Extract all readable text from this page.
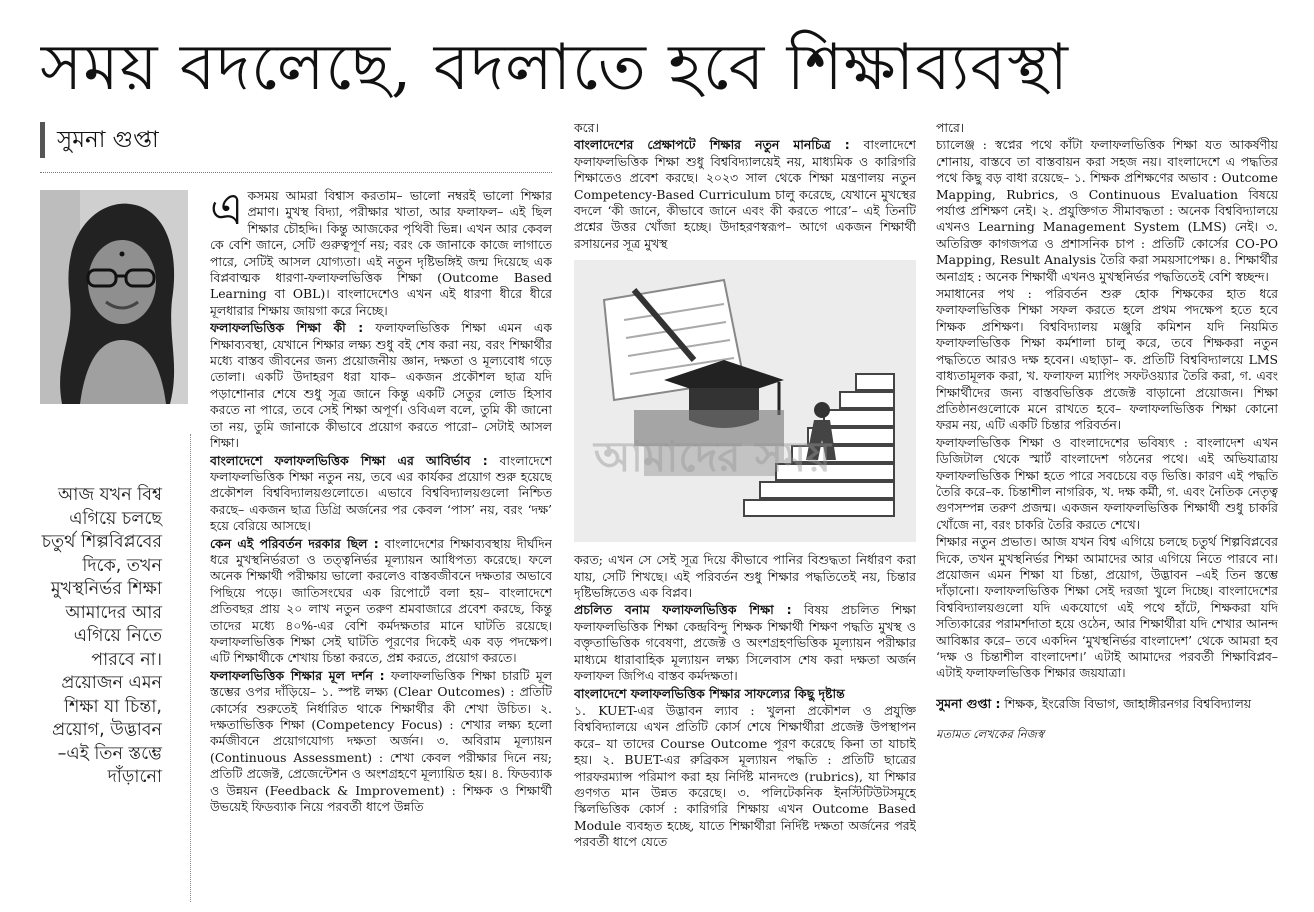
সময় বদলেছে, বদলাতে হবে শিক্ষাব্যবস্থা
সুমনা গুপ্তা
আজ যখন বিশ্ব এগিয়ে চলছে চতুর্থ শিল্পবিপ্লবের দিকে, তখন মুখস্থনির্ভর শিক্ষা আমাদের আর এগিয়ে নিতে পারবে না। প্রয়োজন এমন শিক্ষা যা চিন্তা, প্রয়োগ, উদ্ভাবন –এই তিন স্তম্ভে দাঁড়ানো

একসময় আমরা বিশ্বাস করতাম– ভালো নম্বরই ভালো শিক্ষার প্রমাণ। মুখস্থ বিদ্যা, পরীক্ষার খাতা, আর ফলাফল– এই ছিল শিক্ষার চৌহদ্দি। কিন্তু আজকের পৃথিবী ভিন্ন। এখন আর কেবল কে বেশি জানে, সেটি গুরুত্বপূর্ণ নয়; বরং কে জানাকে কাজে লাগাতে পারে, সেটিই আসল যোগ্যতা। এই নতুন দৃষ্টিভঙ্গিই জন্ম দিয়েছে এক বিপ্লবাত্মক ধারণা-ফলাফলভিত্তিক শিক্ষা (Outcome Based Learning বা OBL)। বাংলাদেশেও এখন এই ধারণা ধীরে ধীরে মূলধারার শিক্ষায় জায়গা করে নিচ্ছে।

ফলাফলভিত্তিক শিক্ষা কী : ফলাফলভিত্তিক শিক্ষা এমন এক শিক্ষাব্যবস্থা, যেখানে শিক্ষার লক্ষ্য শুধু বই শেষ করা নয়, বরং শিক্ষার্থীর মধ্যে বাস্তব জীবনের জন্য প্রয়োজনীয় জ্ঞান, দক্ষতা ও মূল্যবোধ গড়ে তোলা। একটি উদাহরণ ধরা যাক– একজন প্রকৌশল ছাত্র যদি পড়াশোনার শেষে শুধু সূত্র জানে কিন্তু একটি সেতুর লোড হিসাব করতে না পারে, তবে সেই শিক্ষা অপূর্ণ। ওবিএল বলে, তুমি কী জানো তা নয়, তুমি জানাকে কীভাবে প্রয়োগ করতে পারো– সেটাই আসল শিক্ষা।

বাংলাদেশে ফলাফলভিত্তিক শিক্ষা এর আবির্ভাব : বাংলাদেশে ফলাফলভিত্তিক শিক্ষা নতুন নয়, তবে এর কার্যকর প্রয়োগ শুরু হয়েছে প্রকৌশল বিশ্ববিদ্যালয়গুলোতে। এভাবে বিশ্ববিদ্যালয়গুলো নিশ্চিত করছে– একজন ছাত্র ডিগ্রি অর্জনের পর কেবল ‘পাস’ নয়, বরং ‘দক্ষ’ হয়ে বেরিয়ে আসছে।

কেন এই পরিবর্তন দরকার ছিল : বাংলাদেশের শিক্ষাব্যবস্থায় দীর্ঘদিন ধরে মুখস্থনির্ভরতা ও তত্ত্বনির্ভর মূল্যায়ন আধিপত্য করেছে। ফলে অনেক শিক্ষার্থী পরীক্ষায় ভালো করলেও বাস্তবজীবনে দক্ষতার অভাবে পিছিয়ে পড়ে। জাতিসংঘের এক রিপোর্টে বলা হয়– বাংলাদেশে প্রতিবছর প্রায় ২০ লাখ নতুন তরুণ শ্রমবাজারে প্রবেশ করছে, কিন্তু তাদের মধ্যে ৪০%-এর বেশি কর্মদক্ষতার মানে ঘাটতি রয়েছে। ফলাফলভিত্তিক শিক্ষা সেই ঘাটতি পূরণের দিকেই এক বড় পদক্ষেপ। এটি শিক্ষার্থীকে শেখায় চিন্তা করতে, প্রশ্ন করতে, প্রয়োগ করতে।

ফলাফলভিত্তিক শিক্ষার মূল দর্শন : ফলাফলভিত্তিক শিক্ষা চারটি মূল স্তম্ভের ওপর দাঁড়িয়ে– ১. স্পষ্ট লক্ষ্য (Clear Outcomes) : প্রতিটি কোর্সের শুরুতেই নির্ধারিত থাকে শিক্ষার্থীর কী শেখা উচিত। ২. দক্ষতাভিত্তিক শিক্ষা (Competency Focus) : শেখার লক্ষ্য হলো কর্মজীবনে প্রয়োগযোগ্য দক্ষতা অর্জন। ৩. অবিরাম মূল্যায়ন (Continuous Assessment) : শেখা কেবল পরীক্ষার দিনে নয়; প্রতিটি প্রজেক্ট, প্রেজেন্টেশন ও অংশগ্রহণে মূল্যায়িত হয়। ৪. ফিডব্যাক ও উন্নয়ন (Feedback & Improvement) : শিক্ষক ও শিক্ষার্থী উভয়েই ফিডব্যাক নিয়ে পরবর্তী ধাপে উন্নতি

করে।

বাংলাদেশের প্রেক্ষাপটে শিক্ষার নতুন মানচিত্র : বাংলাদেশে ফলাফলভিত্তিক শিক্ষা শুধু বিশ্ববিদ্যালয়েই নয়, মাধ্যমিক ও কারিগরি শিক্ষাতেও প্রবেশ করছে। ২০২৩ সাল থেকে শিক্ষা মন্ত্রণালয় নতুন Competency-Based Curriculum চালু করেছে, যেখানে মুখস্থের বদলে ‘কী জানে, কীভাবে জানে এবং কী করতে পারে’– এই তিনটি প্রশ্নের উত্তর খোঁজা হচ্ছে। উদাহরণস্বরূপ– আগে একজন শিক্ষার্থী রসায়নের সূত্র মুখস্থ

করত; এখন সে সেই সূত্র দিয়ে কীভাবে পানির বিশুদ্ধতা নির্ধারণ করা যায়, সেটি শিখছে। এই পরিবর্তন শুধু শিক্ষার পদ্ধতিতেই নয়, চিন্তার দৃষ্টিভঙ্গিতেও এক বিপ্লব।

প্রচলিত বনাম ফলাফলভিত্তিক শিক্ষা : বিষয় প্রচলিত শিক্ষা ফলাফলভিত্তিক শিক্ষা কেন্দ্রবিন্দু শিক্ষক শিক্ষার্থী শিক্ষণ পদ্ধতি মুখস্থ ও বক্তৃতাভিত্তিক গবেষণা, প্রজেক্ট ও অংশগ্রহণভিত্তিক মূল্যায়ন পরীক্ষার মাধ্যমে ধারাবাহিক মূল্যায়ন লক্ষ্য সিলেবাস শেষ করা দক্ষতা অর্জন ফলাফল জিপিএ বাস্তব কর্মদক্ষতা।

বাংলাদেশে ফলাফলভিত্তিক শিক্ষার সাফল্যের কিছু দৃষ্টান্ত

১. KUET-এর উদ্ভাবন ল্যাব : খুলনা প্রকৌশল ও প্রযুক্তি বিশ্ববিদ্যালয়ে এখন প্রতিটি কোর্স শেষে শিক্ষার্থীরা প্রজেক্ট উপস্থাপন করে– যা তাদের Course Outcome পূরণ করেছে কিনা তা যাচাই হয়। ২. BUET-এর রুব্রিকস মূল্যায়ন পদ্ধতি : প্রতিটি ছাত্রের পারফরম্যান্স পরিমাপ করা হয় নির্দিষ্ট মানদণ্ডে (rubrics), যা শিক্ষার গুণগত মান উন্নত করেছে। ৩. পলিটেকনিক ইনস্টিটিউটসমূহে স্কিলভিত্তিক কোর্স : কারিগরি শিক্ষায় এখন Outcome Based Module ব্যবহৃত হচ্ছে, যাতে শিক্ষার্থীরা নির্দিষ্ট দক্ষতা অর্জনের পরই পরবর্তী ধাপে যেতে

পারে।

চ্যালেঞ্জ : স্বপ্নের পথে কাঁটা ফলাফলভিত্তিক শিক্ষা যত আকর্ষণীয় শোনায়, বাস্তবে তা বাস্তবায়ন করা সহজ নয়। বাংলাদেশে এ পদ্ধতির পথে কিছু বড় বাধা রয়েছে– ১. শিক্ষক প্রশিক্ষণের অভাব : Outcome Mapping, Rubrics, ও Continuous Evaluation বিষয়ে পর্যাপ্ত প্রশিক্ষণ নেই। ২. প্রযুক্তিগত সীমাবদ্ধতা : অনেক বিশ্ববিদ্যালয়ে এখনও Learning Management System (LMS) নেই। ৩. অতিরিক্ত কাগজপত্র ও প্রশাসনিক চাপ : প্রতিটি কোর্সের CO-PO Mapping, Result Analysis তৈরি করা সময়সাপেক্ষ। ৪. শিক্ষার্থীর অনাগ্রহ : অনেক শিক্ষার্থী এখনও মুখস্থনির্ভর পদ্ধতিতেই বেশি স্বচ্ছন্দ।

সমাধানের পথ : পরিবর্তন শুরু হোক শিক্ষকের হাত ধরে ফলাফলভিত্তিক শিক্ষা সফল করতে হলে প্রথম পদক্ষেপ হতে হবে শিক্ষক প্রশিক্ষণ। বিশ্ববিদ্যালয় মঞ্জুরি কমিশন যদি নিয়মিত ফলাফলভিত্তিক শিক্ষা কর্মশালা চালু করে, তবে শিক্ষকরা নতুন পদ্ধতিতে আরও দক্ষ হবেন। এছাড়া– ক. প্রতিটি বিশ্ববিদ্যালয়ে LMS বাধ্যতামূলক করা, খ. ফলাফল ম্যাপিং সফটওয়্যার তৈরি করা, গ. এবং শিক্ষার্থীদের জন্য বাস্তবভিত্তিক প্রজেক্ট বাড়ানো প্রয়োজন। শিক্ষা প্রতিষ্ঠানগুলোকে মনে রাখতে হবে– ফলাফলভিত্তিক শিক্ষা কোনো ফরম নয়, এটি একটি চিন্তার পরিবর্তন।

ফলাফলভিত্তিক শিক্ষা ও বাংলাদেশের ভবিষ্যৎ : বাংলাদেশ এখন ডিজিটাল থেকে স্মার্ট বাংলাদেশ গঠনের পথে। এই অভিযাত্রায় ফলাফলভিত্তিক শিক্ষা হতে পারে সবচেয়ে বড় ভিত্তি। কারণ এই পদ্ধতি তৈরি করে–ক. চিন্তাশীল নাগরিক, খ. দক্ষ কর্মী, গ. এবং নৈতিক নেতৃত্ব গুণসম্পন্ন তরুণ প্রজন্ম। একজন ফলাফলভিত্তিক শিক্ষার্থী শুধু চাকরি খোঁজে না, বরং চাকরি তৈরি করতে শেখে।

শিক্ষার নতুন প্রভাত। আজ যখন বিশ্ব এগিয়ে চলছে চতুর্থ শিল্পবিপ্লবের দিকে, তখন মুখস্থনির্ভর শিক্ষা আমাদের আর এগিয়ে নিতে পারবে না। প্রয়োজন এমন শিক্ষা যা চিন্তা, প্রয়োগ, উদ্ভাবন –এই তিন স্তম্ভে দাঁড়ানো। ফলাফলভিত্তিক শিক্ষা সেই দরজা খুলে দিচ্ছে। বাংলাদেশের বিশ্ববিদ্যালয়গুলো যদি একযোগে এই পথে হাঁটে, শিক্ষকরা যদি সত্যিকারের পরামর্শদাতা হয়ে ওঠেন, আর শিক্ষার্থীরা যদি শেখার আনন্দ আবিষ্কার করে– তবে একদিন ‘মুখস্থনির্ভর বাংলাদেশ’ থেকে আমরা হব ‘দক্ষ ও চিন্তাশীল বাংলাদেশ।’ এটাই আমাদের পরবর্তী শিক্ষাবিপ্লব– এটাই ফলাফলভিত্তিক শিক্ষার জয়যাত্রা।

সুমনা গুপ্তা : শিক্ষক, ইংরেজি বিভাগ, জাহাঙ্গীরনগর বিশ্ববিদ্যালয়

মতামত লেখকের নিজস্ব

আমাদের সময়
